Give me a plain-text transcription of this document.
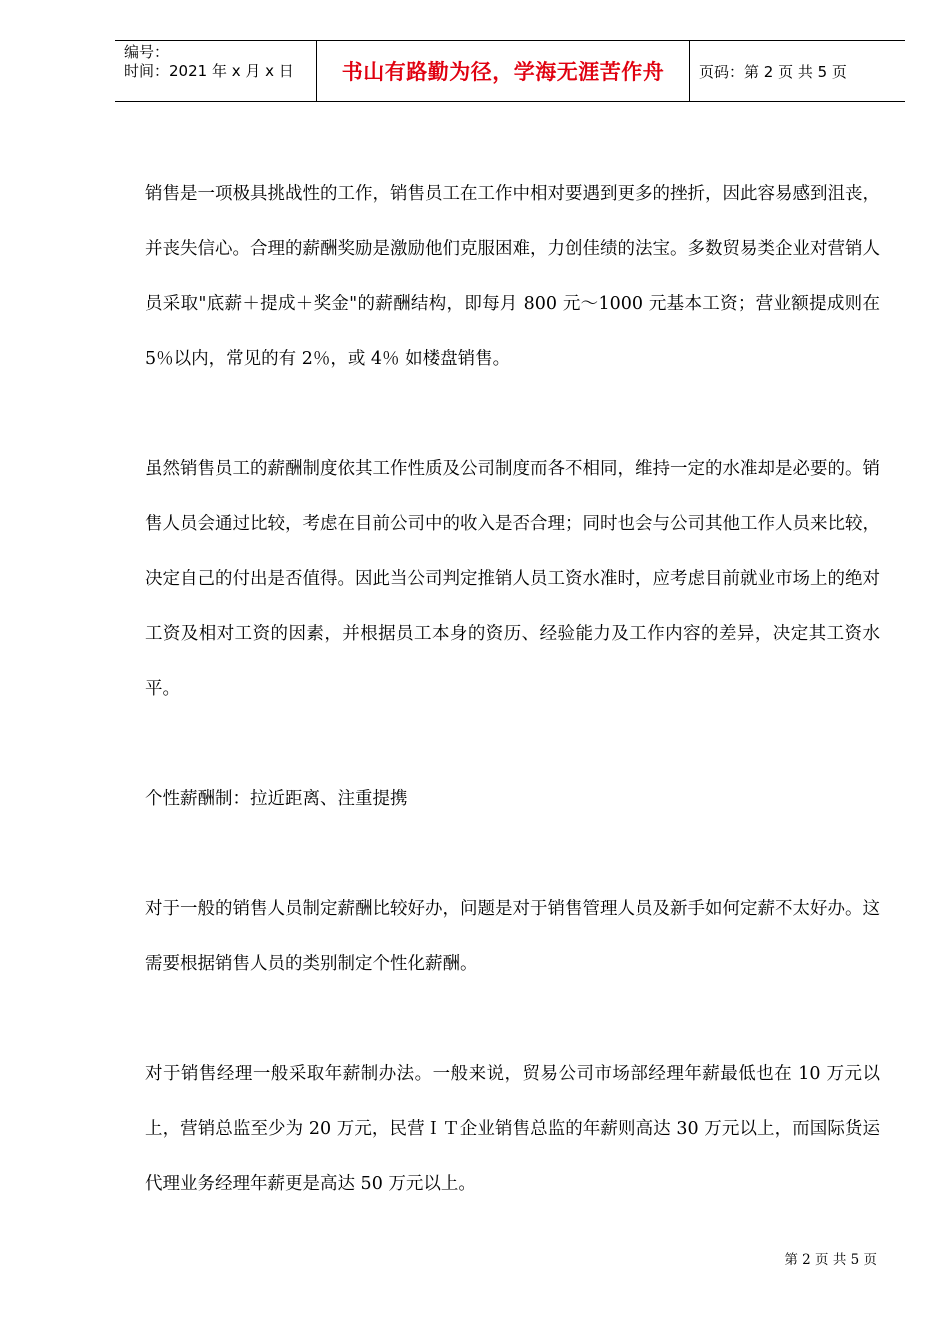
编号：
时间：2021 年 x 月 x 日	书山有路勤为径，学海无涯苦作舟 页码：第 2 页 共 5 页

销售是一项极具挑战性的工作，销售员工在工作中相对要遇到更多的挫折，因此容易感到沮丧，并丧失信心。合理的薪酬奖励是激励他们克服困难，力创佳绩的法宝。多数贸易类企业对营销人员采取"底薪＋提成＋奖金"的薪酬结构，即每月 800 元～1000 元基本工资；营业额提成则在 5％以内，常见的有 2％，或 4％ 如楼盘销售。

虽然销售员工的薪酬制度依其工作性质及公司制度而各不相同，维持一定的水准却是必要的。销售人员会通过比较，考虑在目前公司中的收入是否合理；同时也会与公司其他工作人员来比较，决定自己的付出是否值得。因此当公司判定推销人员工资水准时，应考虑目前就业市场上的绝对工资及相对工资的因素，并根据员工本身的资历、经验能力及工作内容的差异，决定其工资水平。

个性薪酬制：拉近距离、注重提携

对于一般的销售人员制定薪酬比较好办，问题是对于销售管理人员及新手如何定薪不太好办。这需要根据销售人员的类别制定个性化薪酬。

对于销售经理一般采取年薪制办法。一般来说，贸易公司市场部经理年薪最低也在 10 万元以上，营销总监至少为 20 万元，民营ＩＴ企业销售总监的年薪则高达 30 万元以上，而国际货运代理业务经理年薪更是高达 50 万元以上。

第 2 页 共 5 页
